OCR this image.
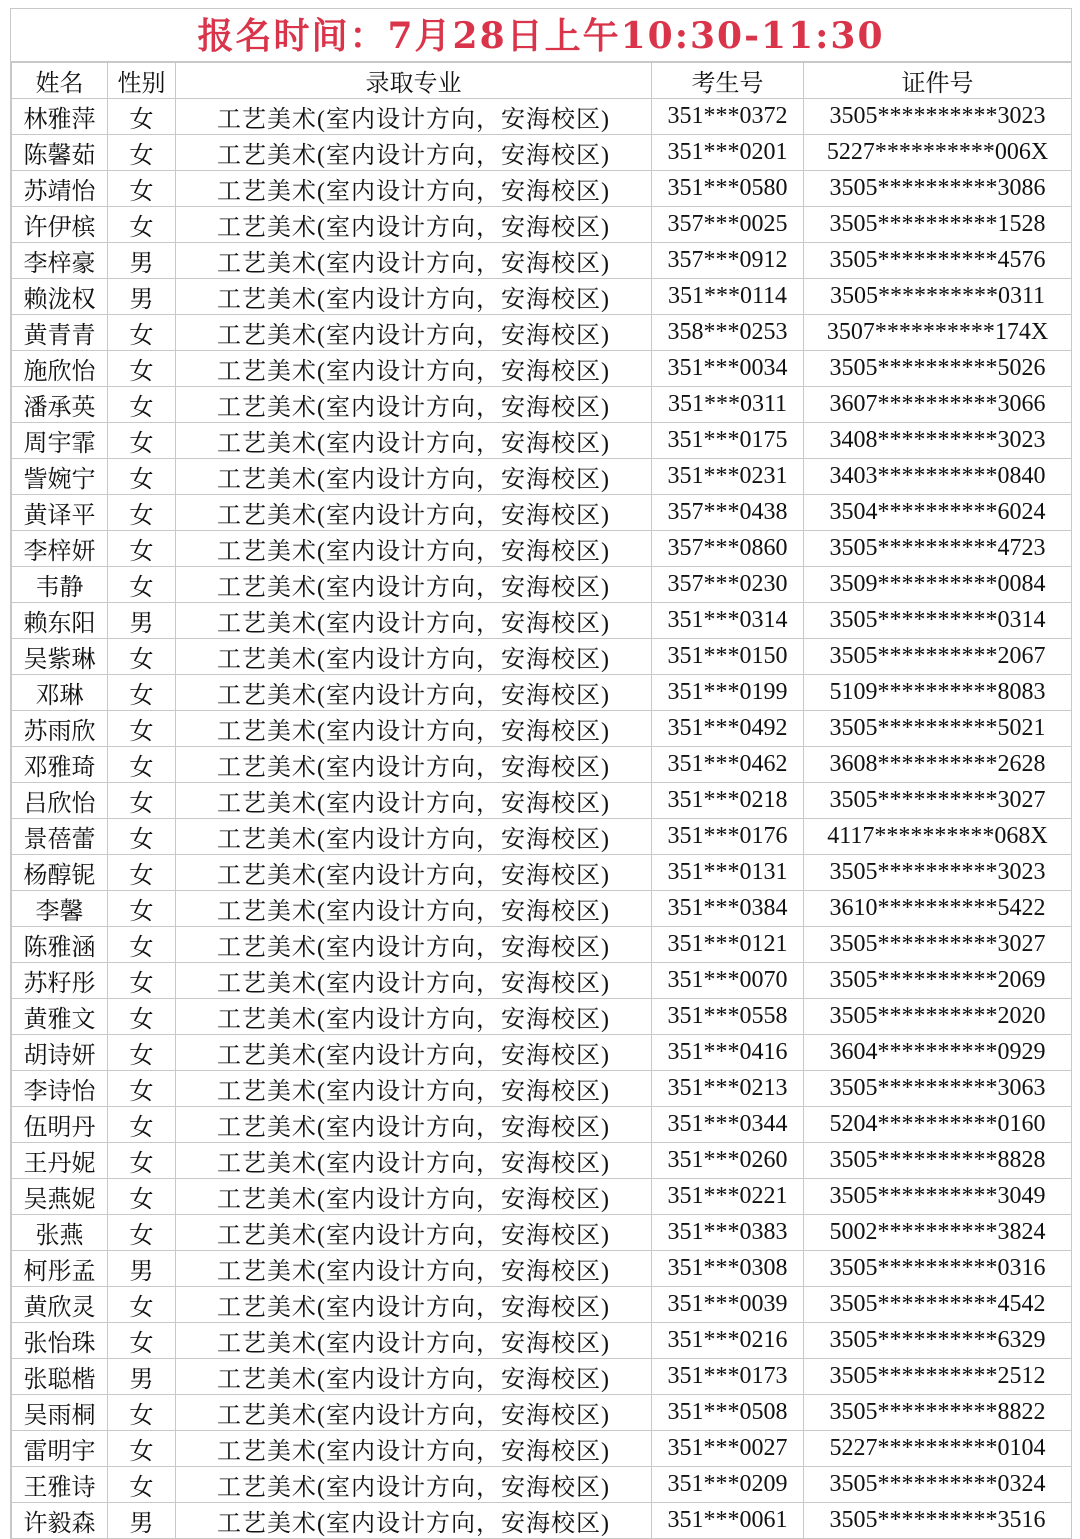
报名时间：7月28日上午10:30-11:30
姓名	性别	录取专业	考生号	证件号
林雅萍	女	工艺美术(室内设计方向，安海校区)	351***0372	3505**********3023
陈馨茹	女	工艺美术(室内设计方向，安海校区)	351***0201	5227**********006X
苏靖怡	女	工艺美术(室内设计方向，安海校区)	351***0580	3505**********3086
许伊槟	女	工艺美术(室内设计方向，安海校区)	357***0025	3505**********1528
李梓豪	男	工艺美术(室内设计方向，安海校区)	357***0912	3505**********4576
赖泷权	男	工艺美术(室内设计方向，安海校区)	351***0114	3505**********0311
黄青青	女	工艺美术(室内设计方向，安海校区)	358***0253	3507**********174X
施欣怡	女	工艺美术(室内设计方向，安海校区)	351***0034	3505**********5026
潘承英	女	工艺美术(室内设计方向，安海校区)	351***0311	3607**********3066
周宇霏	女	工艺美术(室内设计方向，安海校区)	351***0175	3408**********3023
訾婉宁	女	工艺美术(室内设计方向，安海校区)	351***0231	3403**********0840
黄译平	女	工艺美术(室内设计方向，安海校区)	357***0438	3504**********6024
李梓妍	女	工艺美术(室内设计方向，安海校区)	357***0860	3505**********4723
韦静	女	工艺美术(室内设计方向，安海校区)	357***0230	3509**********0084
赖东阳	男	工艺美术(室内设计方向，安海校区)	351***0314	3505**********0314
吴紫琳	女	工艺美术(室内设计方向，安海校区)	351***0150	3505**********2067
邓琳	女	工艺美术(室内设计方向，安海校区)	351***0199	5109**********8083
苏雨欣	女	工艺美术(室内设计方向，安海校区)	351***0492	3505**********5021
邓雅琦	女	工艺美术(室内设计方向，安海校区)	351***0462	3608**********2628
吕欣怡	女	工艺美术(室内设计方向，安海校区)	351***0218	3505**********3027
景蓓蕾	女	工艺美术(室内设计方向，安海校区)	351***0176	4117**********068X
杨醇铌	女	工艺美术(室内设计方向，安海校区)	351***0131	3505**********3023
李馨	女	工艺美术(室内设计方向，安海校区)	351***0384	3610**********5422
陈雅涵	女	工艺美术(室内设计方向，安海校区)	351***0121	3505**********3027
苏籽彤	女	工艺美术(室内设计方向，安海校区)	351***0070	3505**********2069
黄雅文	女	工艺美术(室内设计方向，安海校区)	351***0558	3505**********2020
胡诗妍	女	工艺美术(室内设计方向，安海校区)	351***0416	3604**********0929
李诗怡	女	工艺美术(室内设计方向，安海校区)	351***0213	3505**********3063
伍明丹	女	工艺美术(室内设计方向，安海校区)	351***0344	5204**********0160
王丹妮	女	工艺美术(室内设计方向，安海校区)	351***0260	3505**********8828
吴燕妮	女	工艺美术(室内设计方向，安海校区)	351***0221	3505**********3049
张燕	女	工艺美术(室内设计方向，安海校区)	351***0383	5002**********3824
柯彤孟	男	工艺美术(室内设计方向，安海校区)	351***0308	3505**********0316
黄欣灵	女	工艺美术(室内设计方向，安海校区)	351***0039	3505**********4542
张怡珠	女	工艺美术(室内设计方向，安海校区)	351***0216	3505**********6329
张聪楷	男	工艺美术(室内设计方向，安海校区)	351***0173	3505**********2512
吴雨桐	女	工艺美术(室内设计方向，安海校区)	351***0508	3505**********8822
雷明宇	女	工艺美术(室内设计方向，安海校区)	351***0027	5227**********0104
王雅诗	女	工艺美术(室内设计方向，安海校区)	351***0209	3505**********0324
许毅森	男	工艺美术(室内设计方向，安海校区)	351***0061	3505**********3516
